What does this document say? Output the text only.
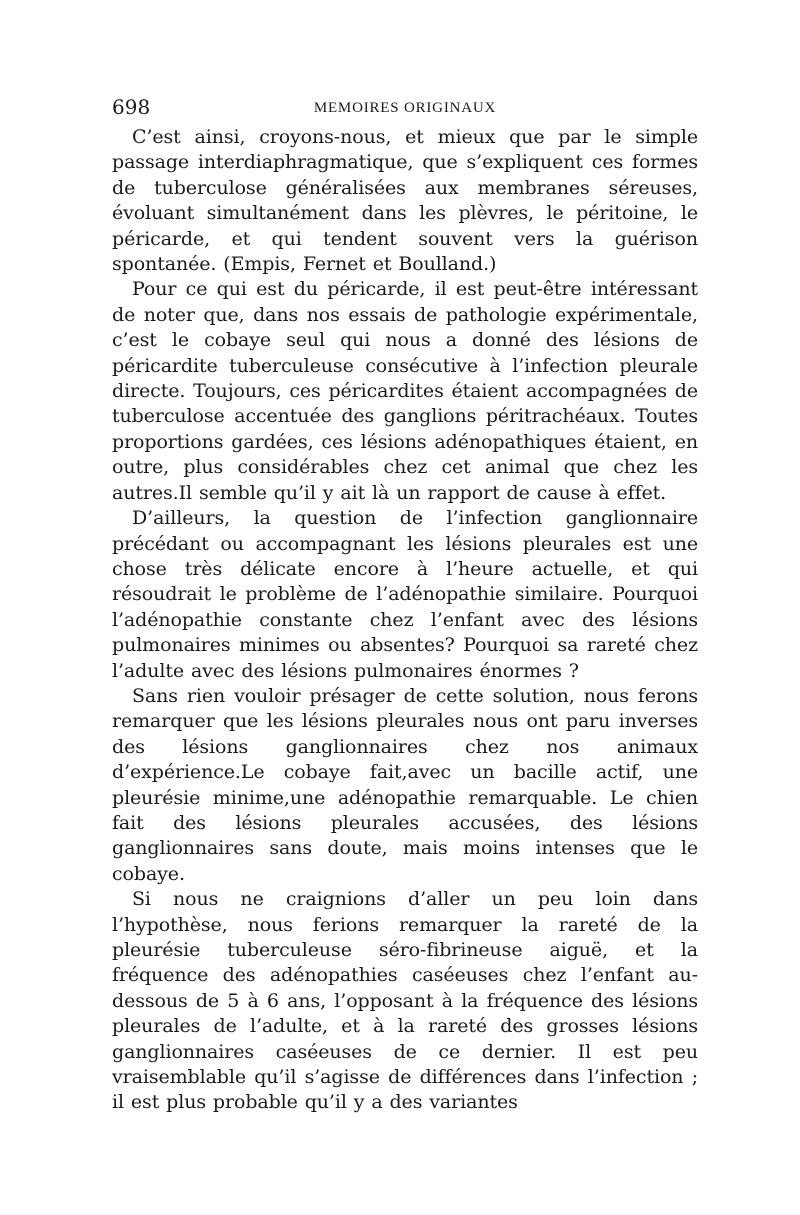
698	MEMOIRES ORIGINAUX

C’est ainsi, croyons-nous, et mieux que par le simple passage interdiaphragmatique, que s’expliquent ces formes de tuberculose généralisées aux membranes séreuses, évoluant simultanément dans les plèvres, le péritoine, le péricarde, et qui tendent souvent vers la guérison spontanée. (Empis, Fernet et Boulland.)

Pour ce qui est du péricarde, il est peut-être intéressant de noter que, dans nos essais de pathologie expérimentale, c’est le cobaye seul qui nous a donné des lésions de péricardite tuberculeuse consécutive à l’infection pleurale directe. Toujours, ces péricardites étaient accompagnées de tuberculose accentuée des ganglions péritrachéaux. Toutes proportions gardées, ces lésions adénopathiques étaient, en outre, plus considérables chez cet animal que chez les autres.Il semble qu’il y ait là un rapport de cause à effet.

D’ailleurs, la question de l’infection ganglionnaire précédant ou accompagnant les lésions pleurales est une chose très délicate encore à l’heure actuelle, et qui résoudrait le problème de l’adénopathie similaire. Pourquoi l’adénopathie constante chez l’enfant avec des lésions pulmonaires minimes ou absentes? Pourquoi sa rareté chez l’adulte avec des lésions pulmonaires énormes ?

Sans rien vouloir présager de cette solution, nous ferons remarquer que les lésions pleurales nous ont paru inverses des lésions ganglionnaires chez nos animaux d’expérience.Le cobaye fait,avec un bacille actif, une pleurésie minime,une adénopathie remarquable. Le chien fait des lésions pleurales accusées, des lésions ganglionnaires sans doute, mais moins intenses que le cobaye.

Si nous ne craignions d’aller un peu loin dans l’hypothèse, nous ferions remarquer la rareté de la pleurésie tuberculeuse séro-fibrineuse aiguë, et la fréquence des adénopathies caséeuses chez l’enfant au-dessous de 5 à 6 ans, l’opposant à la fréquence des lésions pleurales de l’adulte, et à la rareté des grosses lésions ganglionnaires caséeuses de ce dernier. Il est peu vraisemblable qu’il s’agisse de différences dans l’infection ; il est plus probable qu’il y a des variantes
